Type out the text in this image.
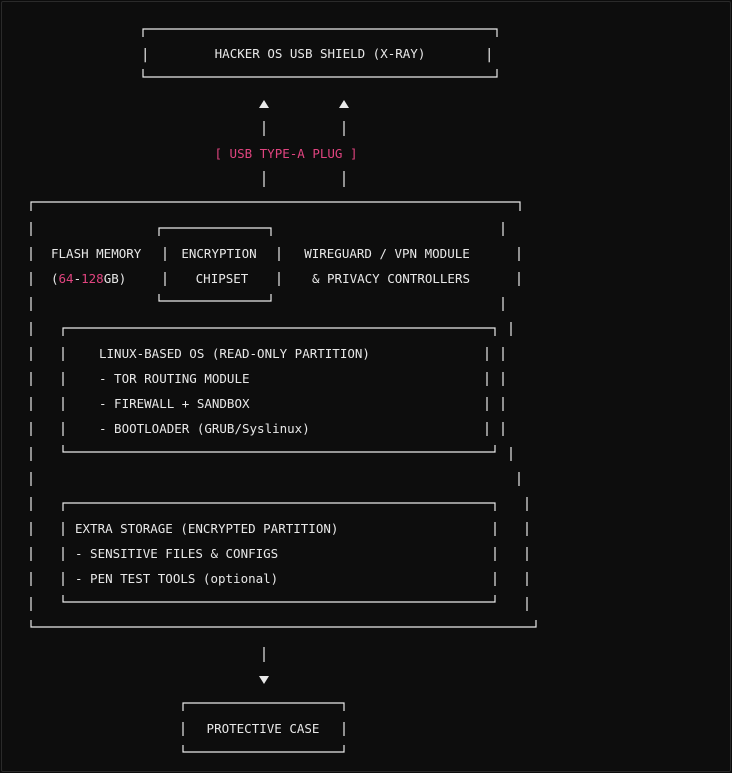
|	|
HACKER OS USB SHIELD (X-RAY)
[ USB TYPE-A PLUG ]
FLASH MEMORY
(64-128GB)
ENCRYPTION
CHIPSET
WIREGUARD / VPN MODULE
& PRIVACY CONTROLLERS
LINUX-BASED OS (READ-ONLY PARTITION)
- TOR ROUTING MODULE
- FIREWALL + SANDBOX
- BOOTLOADER (GRUB/Syslinux)
EXTRA STORAGE (ENCRYPTED PARTITION)
- SENSITIVE FILES & CONFIGS
- PEN TEST TOOLS (optional)
PROTECTIVE CASE
